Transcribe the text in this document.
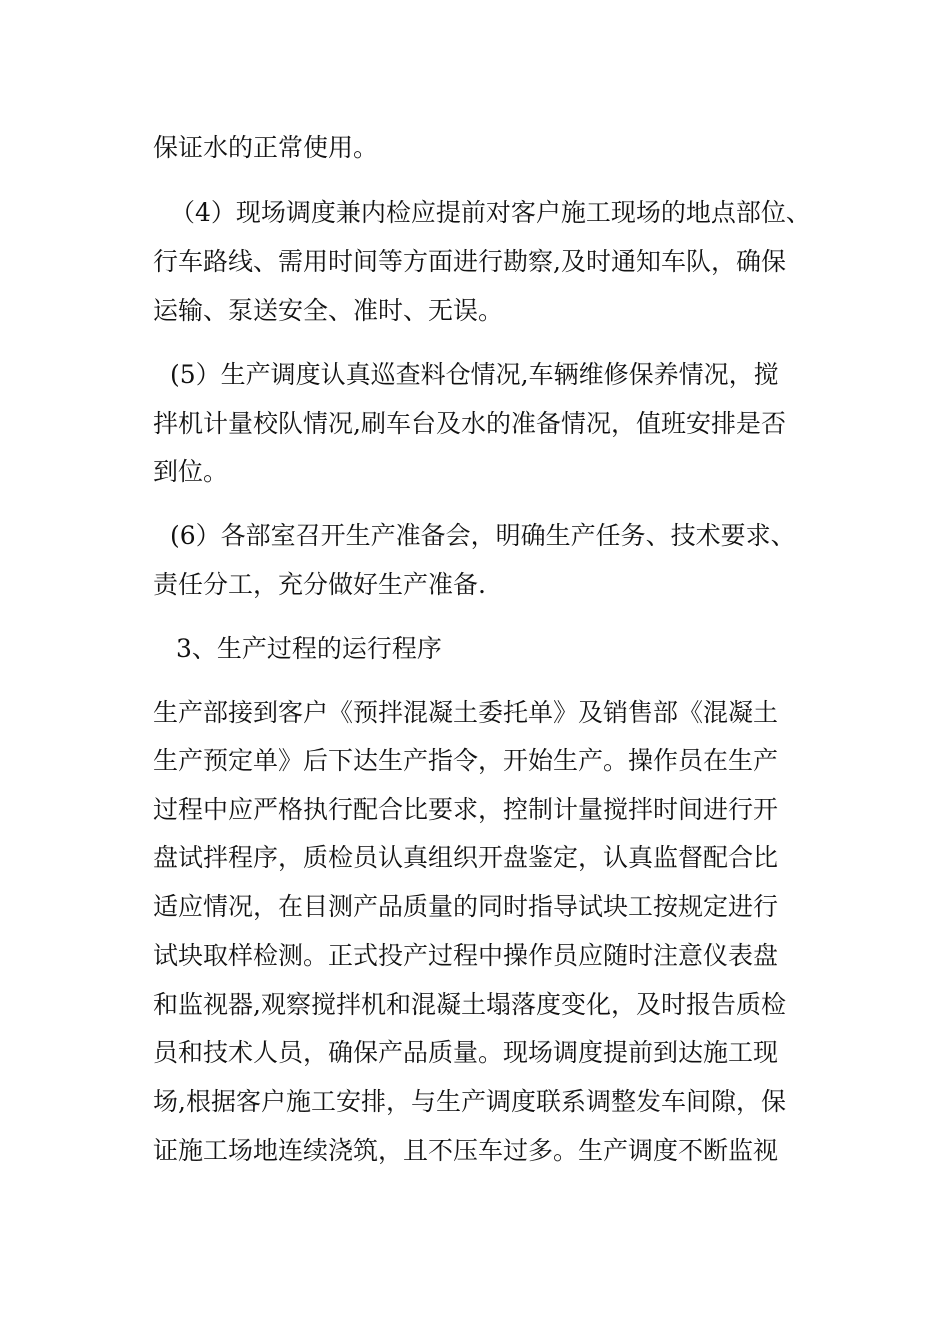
保证水的正常使用。

（4）现场调度兼内检应提前对客户施工现场的地点部位、

行车路线、需用时间等方面进行勘察,及时通知车队，确保

运输、泵送安全、准时、无误。

(5）生产调度认真巡查料仓情况,车辆维修保养情况，搅

拌机计量校队情况,刷车台及水的准备情况，值班安排是否

到位。

(6）各部室召开生产准备会，明确生产任务、技术要求、

责任分工，充分做好生产准备.

3、生产过程的运行程序

生产部接到客户《预拌混凝土委托单》及销售部《混凝土

生产预定单》后下达生产指令，开始生产。操作员在生产

过程中应严格执行配合比要求，控制计量搅拌时间进行开

盘试拌程序，质检员认真组织开盘鉴定，认真监督配合比

适应情况，在目测产品质量的同时指导试块工按规定进行

试块取样检测。正式投产过程中操作员应随时注意仪表盘

和监视器,观察搅拌机和混凝土塌落度变化，及时报告质检

员和技术人员，确保产品质量。现场调度提前到达施工现

场,根据客户施工安排，与生产调度联系调整发车间隙，保

证施工场地连续浇筑，且不压车过多。生产调度不断监视
